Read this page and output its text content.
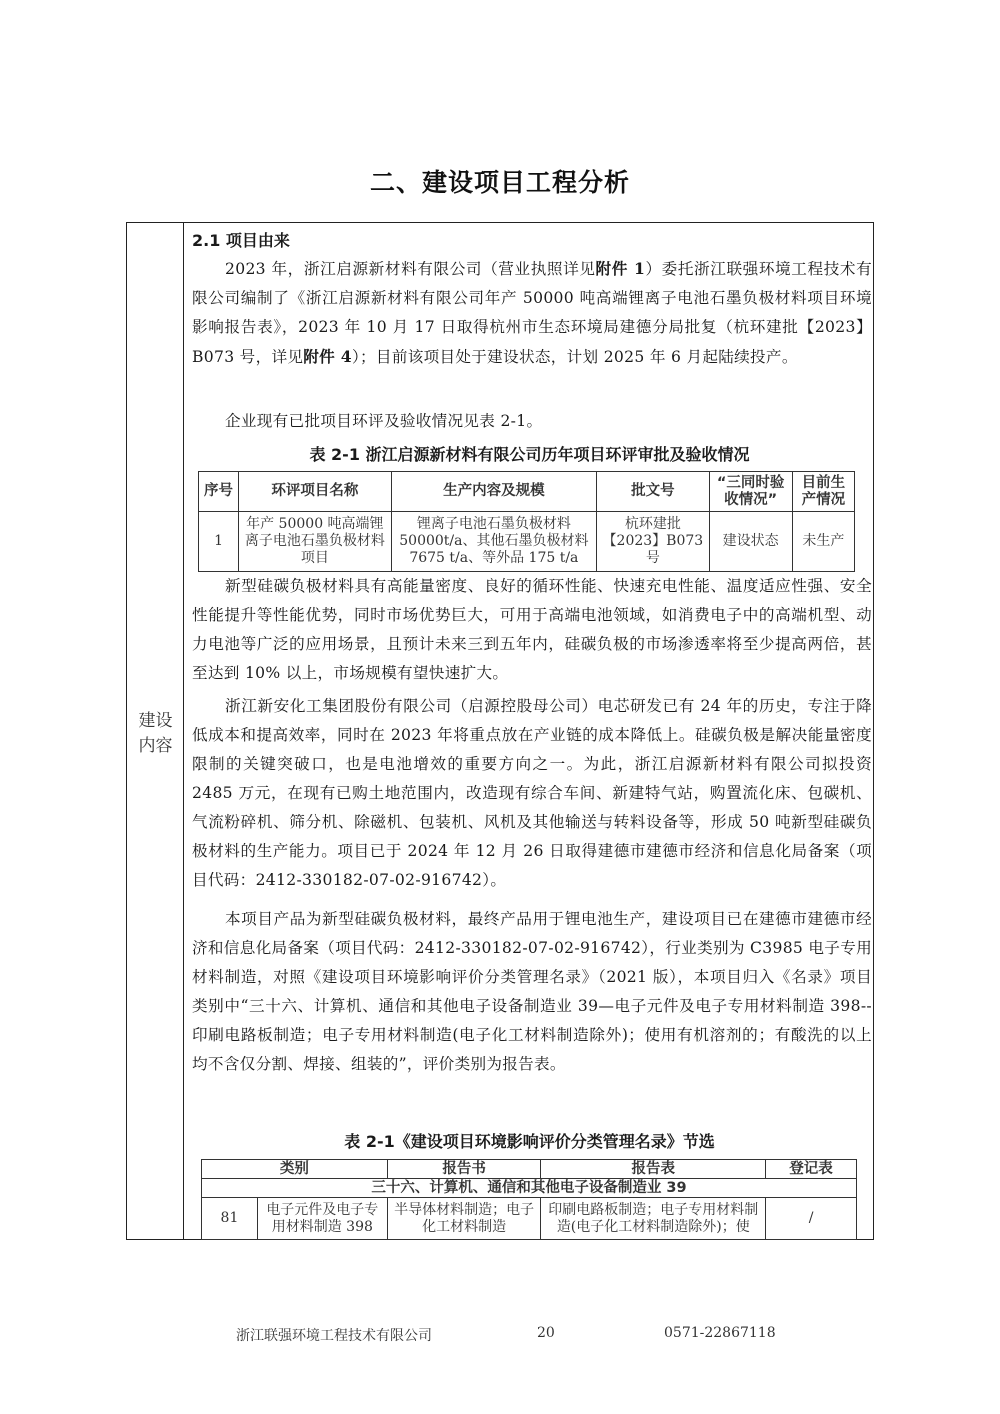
二、建设项目工程分析
建设
内容
2.1 项目由来
2023 年，浙江启源新材料有限公司（营业执照详见附件 1）委托浙江联强环境工程技术有限公司编制了《浙江启源新材料有限公司年产 50000 吨高端锂离子电池石墨负极材料项目环境影响报告表》，2023 年 10 月 17 日取得杭州市生态环境局建德分局批复（杭环建批【2023】B073 号，详见附件 4）；目前该项目处于建设状态，计划 2025 年 6 月起陆续投产。
企业现有已批项目环评及验收情况见表 2-1。
表 2-1 浙江启源新材料有限公司历年项目环评审批及验收情况
序号	环评项目名称	生产内容及规模	批文号	“三同时验收情况”	目前生产情况
1	年产 50000 吨高端锂离子电池石墨负极材料项目	锂离子电池石墨负极材料 50000t/a、其他石墨负极材料 7675 t/a、等外品 175 t/a	杭环建批【2023】B073 号	建设状态	未生产
新型硅碳负极材料具有高能量密度、良好的循环性能、快速充电性能、温度适应性强、安全性能提升等性能优势，同时市场优势巨大，可用于高端电池领域，如消费电子中的高端机型、动力电池等广泛的应用场景，且预计未来三到五年内，硅碳负极的市场渗透率将至少提高两倍，甚至达到 10% 以上，市场规模有望快速扩大。
浙江新安化工集团股份有限公司（启源控股母公司）电芯研发已有 24 年的历史，专注于降低成本和提高效率，同时在 2023 年将重点放在产业链的成本降低上。硅碳负极是解决能量密度限制的关键突破口，也是电池增效的重要方向之一。为此，浙江启源新材料有限公司拟投资 2485 万元，在现有已购土地范围内，改造现有综合车间、新建特气站，购置流化床、包碳机、气流粉碎机、筛分机、除磁机、包装机、风机及其他输送与转料设备等，形成 50 吨新型硅碳负极材料的生产能力。项目已于 2024 年 12 月 26 日取得建德市建德市经济和信息化局备案（项目代码：2412-330182-07-02-916742）。
本项目产品为新型硅碳负极材料，最终产品用于锂电池生产，建设项目已在建德市建德市经济和信息化局备案（项目代码：2412-330182-07-02-916742），行业类别为 C3985 电子专用材料制造，对照《建设项目环境影响评价分类管理名录》（2021 版），本项目归入《名录》项目类别中“三十六、计算机、通信和其他电子设备制造业 39—电子元件及电子专用材料制造 398--印刷电路板制造；电子专用材料制造(电子化工材料制造除外)；使用有机溶剂的；有酸洗的以上均不含仅分割、焊接、组装的”，评价类别为报告表。
表 2-1《建设项目环境影响评价分类管理名录》节选
类别		报告书	报告表	登记表
三十六、计算机、通信和其他电子设备制造业 39				
81	电子元件及电子专用材料制造 398	半导体材料制造；电子化工材料制造	印刷电路板制造；电子专用材料制造(电子化工材料制造除外)；使	/
浙江联强环境工程技术有限公司	20	0571-22867118
